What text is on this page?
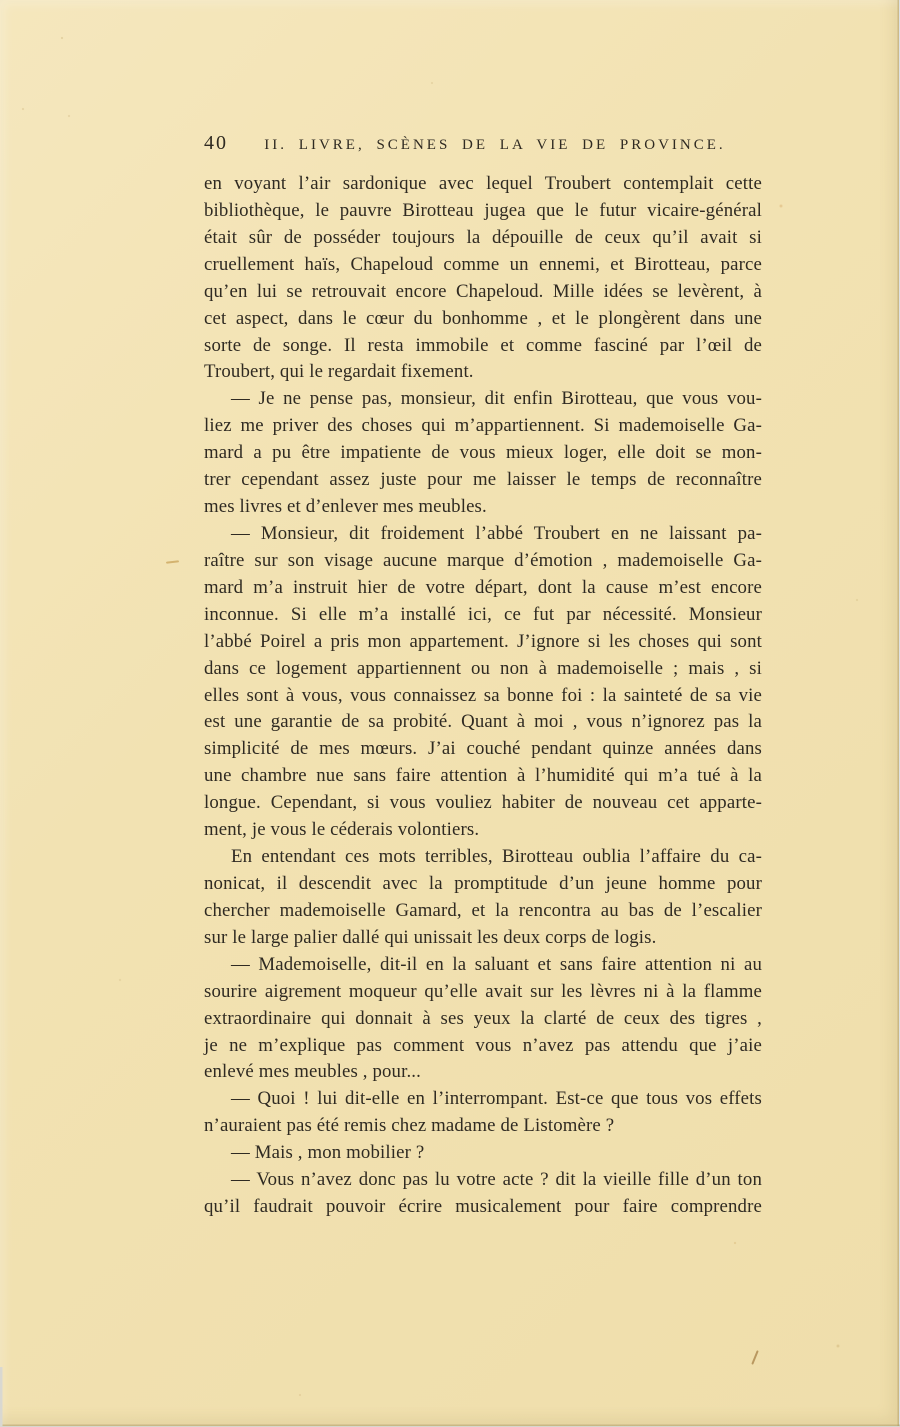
40	II. LIVRE, SCÈNES DE LA VIE DE PROVINCE.
en voyant l’air sardonique avec lequel Troubert contemplait cette
bibliothèque, le pauvre Birotteau jugea que le futur vicaire-général
était sûr de posséder toujours la dépouille de ceux qu’il avait si
cruellement haïs, Chapeloud comme un ennemi, et Birotteau, parce
qu’en lui se retrouvait encore Chapeloud. Mille idées se levèrent, à
cet aspect, dans le cœur du bonhomme , et le plongèrent dans une
sorte de songe. Il resta immobile et comme fasciné par l’œil de
Troubert, qui le regardait fixement.
— Je ne pense pas, monsieur, dit enfin Birotteau, que vous vou-
liez me priver des choses qui m’appartiennent. Si mademoiselle Ga-
mard a pu être impatiente de vous mieux loger, elle doit se mon-
trer cependant assez juste pour me laisser le temps de reconnaître
mes livres et d’enlever mes meubles.
— Monsieur, dit froidement l’abbé Troubert en ne laissant pa-
raître sur son visage aucune marque d’émotion , mademoiselle Ga-
mard m’a instruit hier de votre départ, dont la cause m’est encore
inconnue. Si elle m’a installé ici, ce fut par nécessité. Monsieur
l’abbé Poirel a pris mon appartement. J’ignore si les choses qui sont
dans ce logement appartiennent ou non à mademoiselle ; mais , si
elles sont à vous, vous connaissez sa bonne foi : la sainteté de sa vie
est une garantie de sa probité. Quant à moi , vous n’ignorez pas la
simplicité de mes mœurs. J’ai couché pendant quinze années dans
une chambre nue sans faire attention à l’humidité qui m’a tué à la
longue. Cependant, si vous vouliez habiter de nouveau cet apparte-
ment, je vous le céderais volontiers.
En entendant ces mots terribles, Birotteau oublia l’affaire du ca-
nonicat, il descendit avec la promptitude d’un jeune homme pour
chercher mademoiselle Gamard, et la rencontra au bas de l’escalier
sur le large palier dallé qui unissait les deux corps de logis.
— Mademoiselle, dit-il en la saluant et sans faire attention ni au
sourire aigrement moqueur qu’elle avait sur les lèvres ni à la flamme
extraordinaire qui donnait à ses yeux la clarté de ceux des tigres ,
je ne m’explique pas comment vous n’avez pas attendu que j’aie
enlevé mes meubles , pour...
— Quoi ! lui dit-elle en l’interrompant. Est-ce que tous vos effets
n’auraient pas été remis chez madame de Listomère ?
— Mais , mon mobilier ?
— Vous n’avez donc pas lu votre acte ? dit la vieille fille d’un ton
qu’il faudrait pouvoir écrire musicalement pour faire comprendre
